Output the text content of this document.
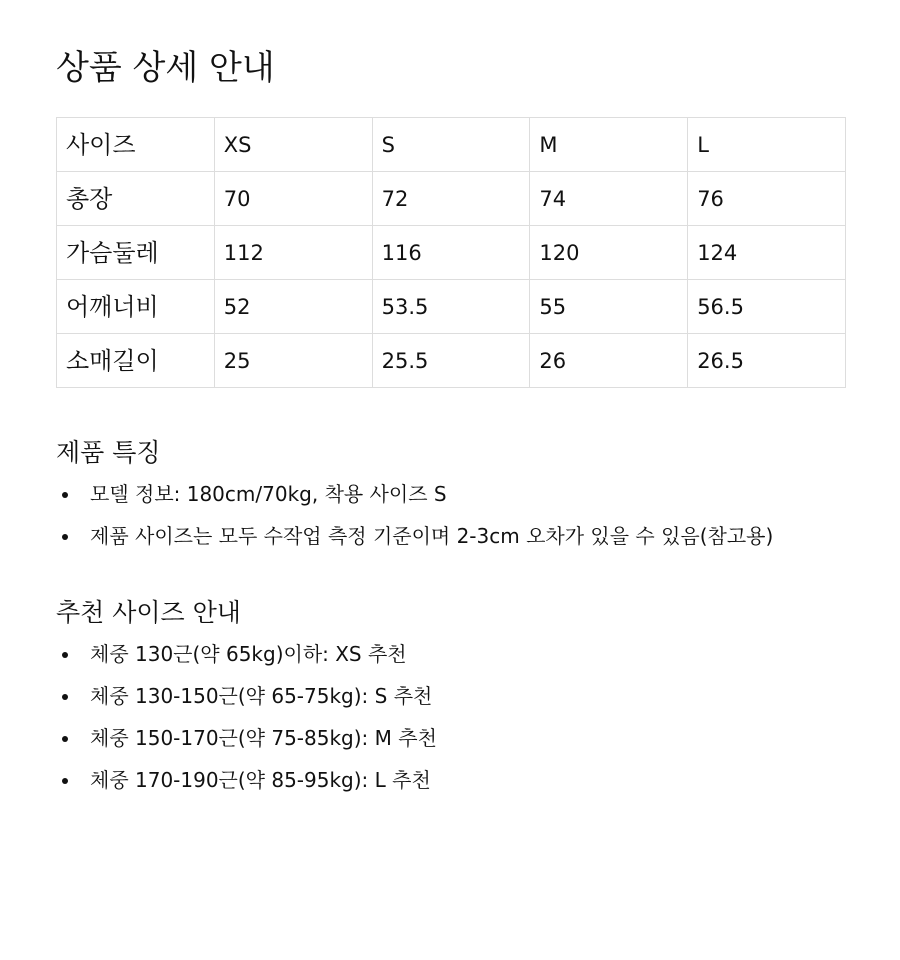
상품 상세 안내
사이즈	XS	S	M	L
총장	70	72	74	76
가슴둘레	112	116	120	124
어깨너비	52	53.5	55	56.5
소매길이	25	25.5	26	26.5
제품 특징
모델 정보: 180cm/70kg, 착용 사이즈 S
제품 사이즈는 모두 수작업 측정 기준이며 2-3cm 오차가 있을 수 있음(참고용)
추천 사이즈 안내
체중 130근(약 65kg)이하: XS 추천
체중 130-150근(약 65-75kg): S 추천
체중 150-170근(약 75-85kg): M 추천
체중 170-190근(약 85-95kg): L 추천
